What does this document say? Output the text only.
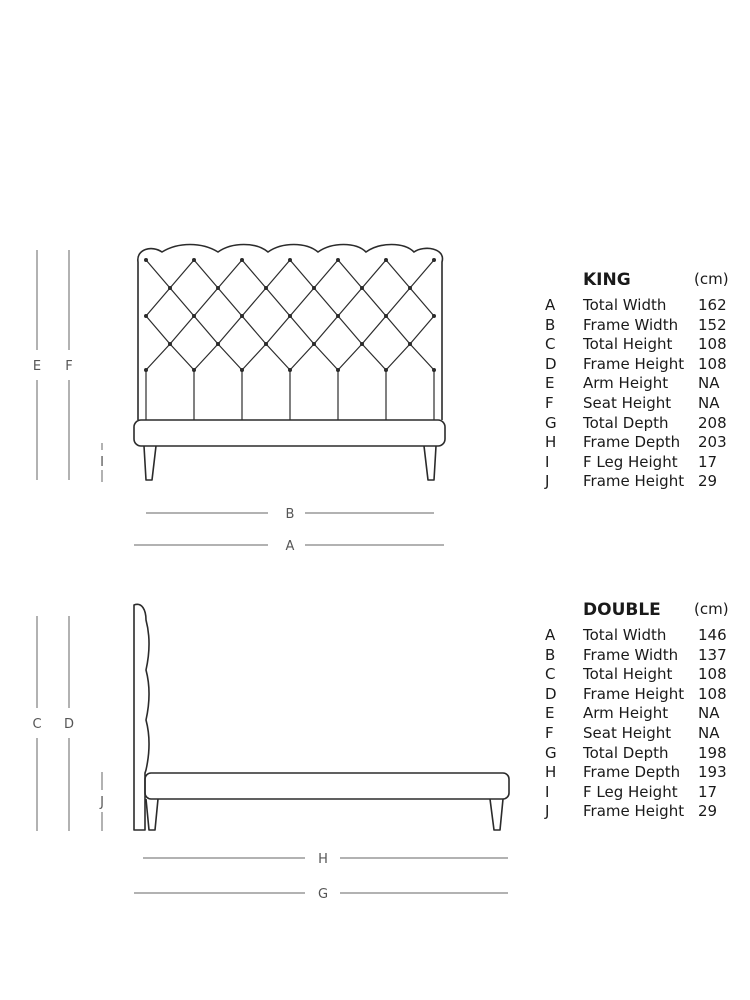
E F
I
B
A
C D
J
H
G
KING	(cm)
A	Total Width	162
B	Frame Width	152
C	Total Height	108
D	Frame Height 108
E	Arm Height	NA
F	Seat Height	NA
G	Total Depth	208
H	Frame Depth	203
I	F Leg Height	17
J	Frame Height 29
DOUBLE (cm)
A	Total Width	146
B	Frame Width	137
C	Total Height	108
D	Frame Height 108
E	Arm Height	NA
F	Seat Height	NA
G	Total Depth	198
H	Frame Depth	193
I	F Leg Height	17
J	Frame Height 29
